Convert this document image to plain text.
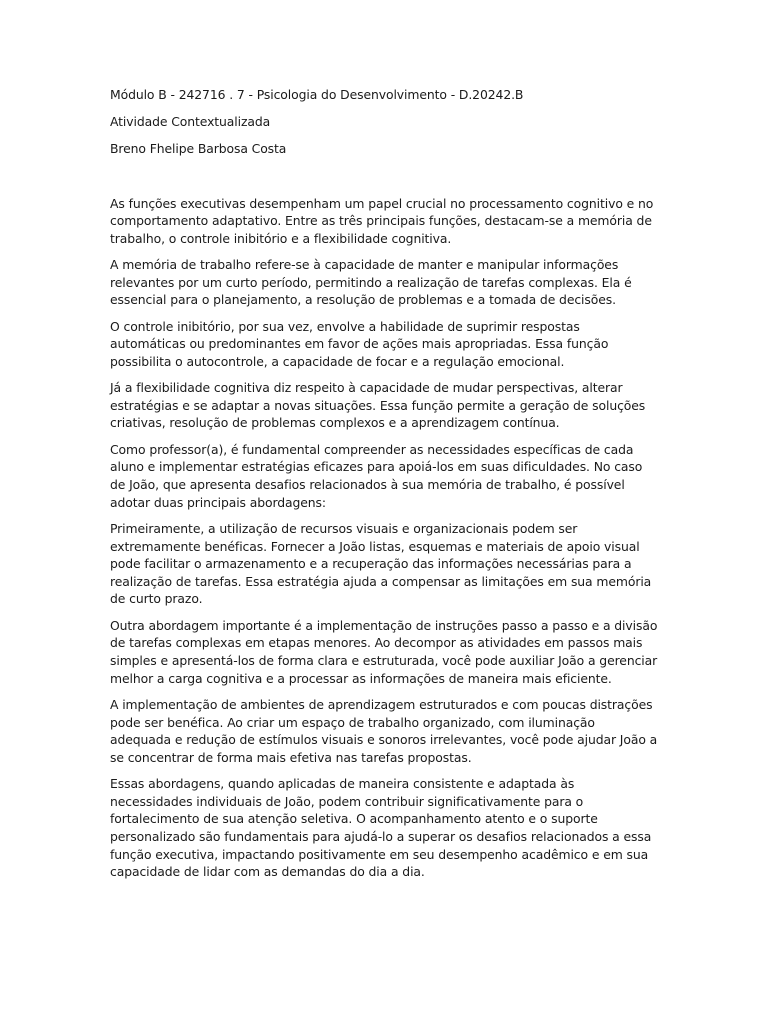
Módulo B - 242716 . 7 - Psicologia do Desenvolvimento - D.20242.B

Atividade Contextualizada

Breno Fhelipe Barbosa Costa

As funções executivas desempenham um papel crucial no processamento cognitivo e no comportamento adaptativo. Entre as três principais funções, destacam-se a memória de trabalho, o controle inibitório e a flexibilidade cognitiva.

A memória de trabalho refere-se à capacidade de manter e manipular informações relevantes por um curto período, permitindo a realização de tarefas complexas. Ela é essencial para o planejamento, a resolução de problemas e a tomada de decisões.

O controle inibitório, por sua vez, envolve a habilidade de suprimir respostas automáticas ou predominantes em favor de ações mais apropriadas. Essa função possibilita o autocontrole, a capacidade de focar e a regulação emocional.

Já a flexibilidade cognitiva diz respeito à capacidade de mudar perspectivas, alterar estratégias e se adaptar a novas situações. Essa função permite a geração de soluções criativas, resolução de problemas complexos e a aprendizagem contínua.

Como professor(a), é fundamental compreender as necessidades específicas de cada aluno e implementar estratégias eficazes para apoiá-los em suas dificuldades. No caso de João, que apresenta desafios relacionados à sua memória de trabalho, é possível adotar duas principais abordagens:

Primeiramente, a utilização de recursos visuais e organizacionais podem ser extremamente benéficas. Fornecer a João listas, esquemas e materiais de apoio visual pode facilitar o armazenamento e a recuperação das informações necessárias para a realização de tarefas. Essa estratégia ajuda a compensar as limitações em sua memória de curto prazo.

Outra abordagem importante é a implementação de instruções passo a passo e a divisão de tarefas complexas em etapas menores. Ao decompor as atividades em passos mais simples e apresentá-los de forma clara e estruturada, você pode auxiliar João a gerenciar melhor a carga cognitiva e a processar as informações de maneira mais eficiente.

A implementação de ambientes de aprendizagem estruturados e com poucas distrações pode ser benéfica. Ao criar um espaço de trabalho organizado, com iluminação adequada e redução de estímulos visuais e sonoros irrelevantes, você pode ajudar João a se concentrar de forma mais efetiva nas tarefas propostas.

Essas abordagens, quando aplicadas de maneira consistente e adaptada às necessidades individuais de João, podem contribuir significativamente para o fortalecimento de sua atenção seletiva. O acompanhamento atento e o suporte personalizado são fundamentais para ajudá-lo a superar os desafios relacionados a essa função executiva, impactando positivamente em seu desempenho acadêmico e em sua capacidade de lidar com as demandas do dia a dia.
